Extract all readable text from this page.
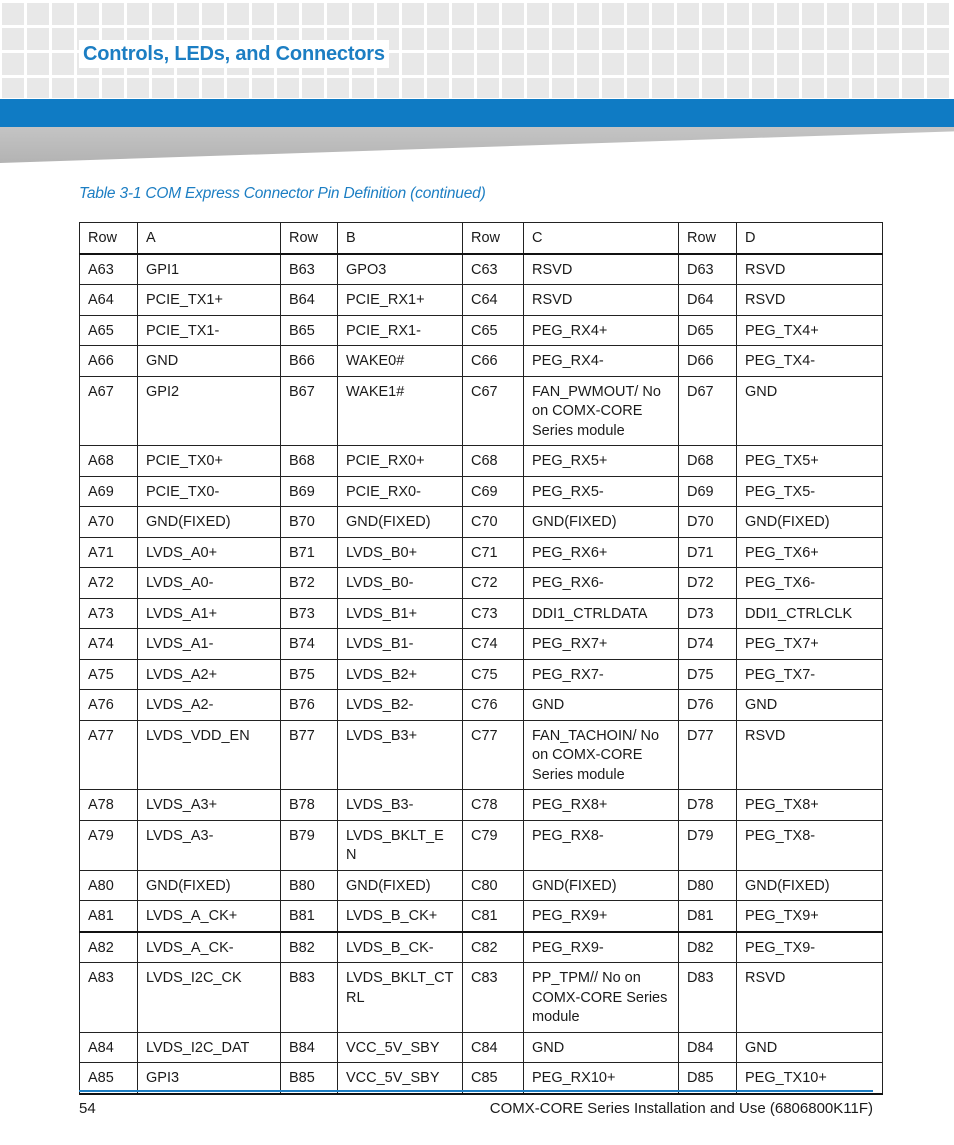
Controls, LEDs, and Connectors
Table 3-1 COM Express Connector Pin Definition (continued)
Row	A	Row	B	Row	C	Row	D
A63	GPI1	B63	GPO3	C63	RSVD	D63	RSVD
A64	PCIE_TX1+	B64	PCIE_RX1+	C64	RSVD	D64	RSVD
A65	PCIE_TX1-	B65	PCIE_RX1-	C65	PEG_RX4+	D65	PEG_TX4+
A66	GND	B66	WAKE0#	C66	PEG_RX4-	D66	PEG_TX4-
A67	GPI2	B67	WAKE1#	C67	FAN_PWMOUT/ No on COMX-CORE Series module	D67	GND
A68	PCIE_TX0+	B68	PCIE_RX0+	C68	PEG_RX5+	D68	PEG_TX5+
A69	PCIE_TX0-	B69	PCIE_RX0-	C69	PEG_RX5-	D69	PEG_TX5-
A70	GND(FIXED)	B70	GND(FIXED)	C70	GND(FIXED)	D70	GND(FIXED)
A71	LVDS_A0+	B71	LVDS_B0+	C71	PEG_RX6+	D71	PEG_TX6+
A72	LVDS_A0-	B72	LVDS_B0-	C72	PEG_RX6-	D72	PEG_TX6-
A73	LVDS_A1+	B73	LVDS_B1+	C73	DDI1_CTRLDATA	D73	DDI1_CTRLCLK
A74	LVDS_A1-	B74	LVDS_B1-	C74	PEG_RX7+	D74	PEG_TX7+
A75	LVDS_A2+	B75	LVDS_B2+	C75	PEG_RX7-	D75	PEG_TX7-
A76	LVDS_A2-	B76	LVDS_B2-	C76	GND	D76	GND
A77	LVDS_VDD_EN	B77	LVDS_B3+	C77	FAN_TACHOIN/ No on COMX-CORE Series module	D77	RSVD
A78	LVDS_A3+	B78	LVDS_B3-	C78	PEG_RX8+	D78	PEG_TX8+
A79	LVDS_A3-	B79	LVDS_BKLT_EN	C79	PEG_RX8-	D79	PEG_TX8-
A80	GND(FIXED)	B80	GND(FIXED)	C80	GND(FIXED)	D80	GND(FIXED)
A81	LVDS_A_CK+	B81	LVDS_B_CK+	C81	PEG_RX9+	D81	PEG_TX9+
A82	LVDS_A_CK-	B82	LVDS_B_CK-	C82	PEG_RX9-	D82	PEG_TX9-
A83	LVDS_I2C_CK	B83	LVDS_BKLT_CTRL	C83	PP_TPM// No on COMX-CORE Series module	D83	RSVD
A84	LVDS_I2C_DAT	B84	VCC_5V_SBY	C84	GND	D84	GND
A85	GPI3	B85	VCC_5V_SBY	C85	PEG_RX10+	D85	PEG_TX10+
54	COMX-CORE Series Installation and Use (6806800K11F)
